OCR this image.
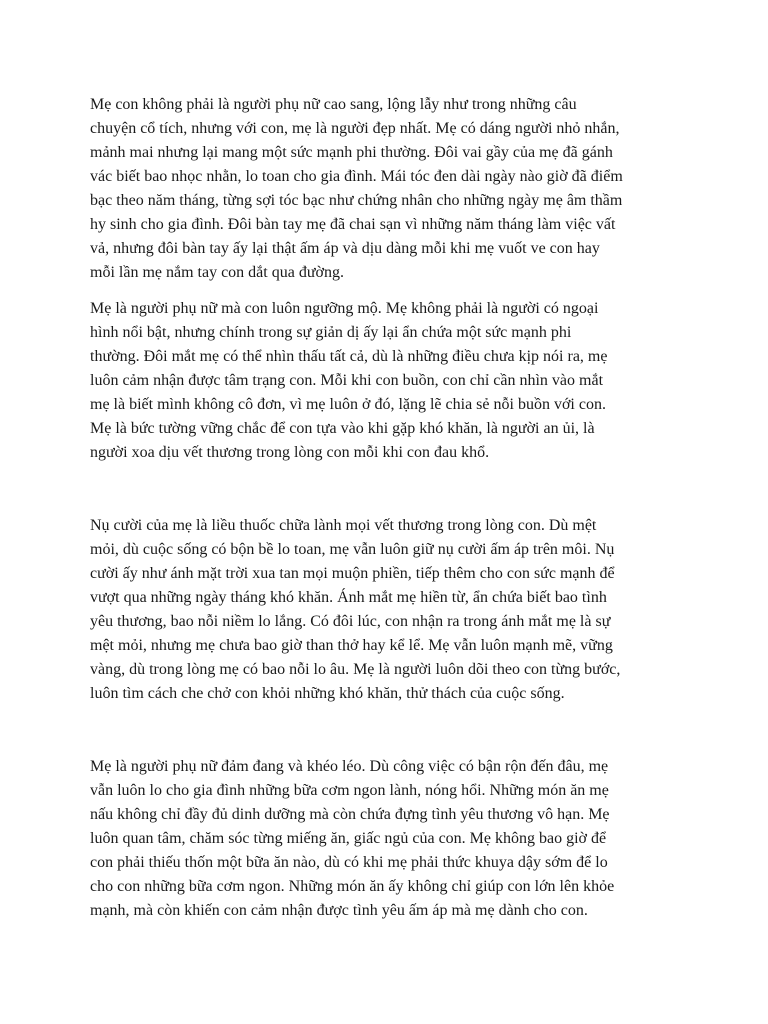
Mẹ con không phải là người phụ nữ cao sang, lộng lẫy như trong những câu
chuyện cổ tích, nhưng với con, mẹ là người đẹp nhất. Mẹ có dáng người nhỏ nhắn,
mảnh mai nhưng lại mang một sức mạnh phi thường. Đôi vai gầy của mẹ đã gánh
vác biết bao nhọc nhằn, lo toan cho gia đình. Mái tóc đen dài ngày nào giờ đã điểm
bạc theo năm tháng, từng sợi tóc bạc như chứng nhân cho những ngày mẹ âm thầm
hy sinh cho gia đình. Đôi bàn tay mẹ đã chai sạn vì những năm tháng làm việc vất
vả, nhưng đôi bàn tay ấy lại thật ấm áp và dịu dàng mỗi khi mẹ vuốt ve con hay
mỗi lần mẹ nắm tay con dắt qua đường.

Mẹ là người phụ nữ mà con luôn ngưỡng mộ. Mẹ không phải là người có ngoại
hình nổi bật, nhưng chính trong sự giản dị ấy lại ẩn chứa một sức mạnh phi
thường. Đôi mắt mẹ có thể nhìn thấu tất cả, dù là những điều chưa kịp nói ra, mẹ
luôn cảm nhận được tâm trạng con. Mỗi khi con buồn, con chỉ cần nhìn vào mắt
mẹ là biết mình không cô đơn, vì mẹ luôn ở đó, lặng lẽ chia sẻ nỗi buồn với con.
Mẹ là bức tường vững chắc để con tựa vào khi gặp khó khăn, là người an ủi, là
người xoa dịu vết thương trong lòng con mỗi khi con đau khổ.

Nụ cười của mẹ là liều thuốc chữa lành mọi vết thương trong lòng con. Dù mệt
mỏi, dù cuộc sống có bộn bề lo toan, mẹ vẫn luôn giữ nụ cười ấm áp trên môi. Nụ
cười ấy như ánh mặt trời xua tan mọi muộn phiền, tiếp thêm cho con sức mạnh để
vượt qua những ngày tháng khó khăn. Ánh mắt mẹ hiền từ, ẩn chứa biết bao tình
yêu thương, bao nỗi niềm lo lắng. Có đôi lúc, con nhận ra trong ánh mắt mẹ là sự
mệt mỏi, nhưng mẹ chưa bao giờ than thở hay kể lể. Mẹ vẫn luôn mạnh mẽ, vững
vàng, dù trong lòng mẹ có bao nỗi lo âu. Mẹ là người luôn dõi theo con từng bước,
luôn tìm cách che chở con khỏi những khó khăn, thử thách của cuộc sống.

Mẹ là người phụ nữ đảm đang và khéo léo. Dù công việc có bận rộn đến đâu, mẹ
vẫn luôn lo cho gia đình những bữa cơm ngon lành, nóng hổi. Những món ăn mẹ
nấu không chỉ đầy đủ dinh dưỡng mà còn chứa đựng tình yêu thương vô hạn. Mẹ
luôn quan tâm, chăm sóc từng miếng ăn, giấc ngủ của con. Mẹ không bao giờ để
con phải thiếu thốn một bữa ăn nào, dù có khi mẹ phải thức khuya dậy sớm để lo
cho con những bữa cơm ngon. Những món ăn ấy không chỉ giúp con lớn lên khỏe
mạnh, mà còn khiến con cảm nhận được tình yêu ấm áp mà mẹ dành cho con.
